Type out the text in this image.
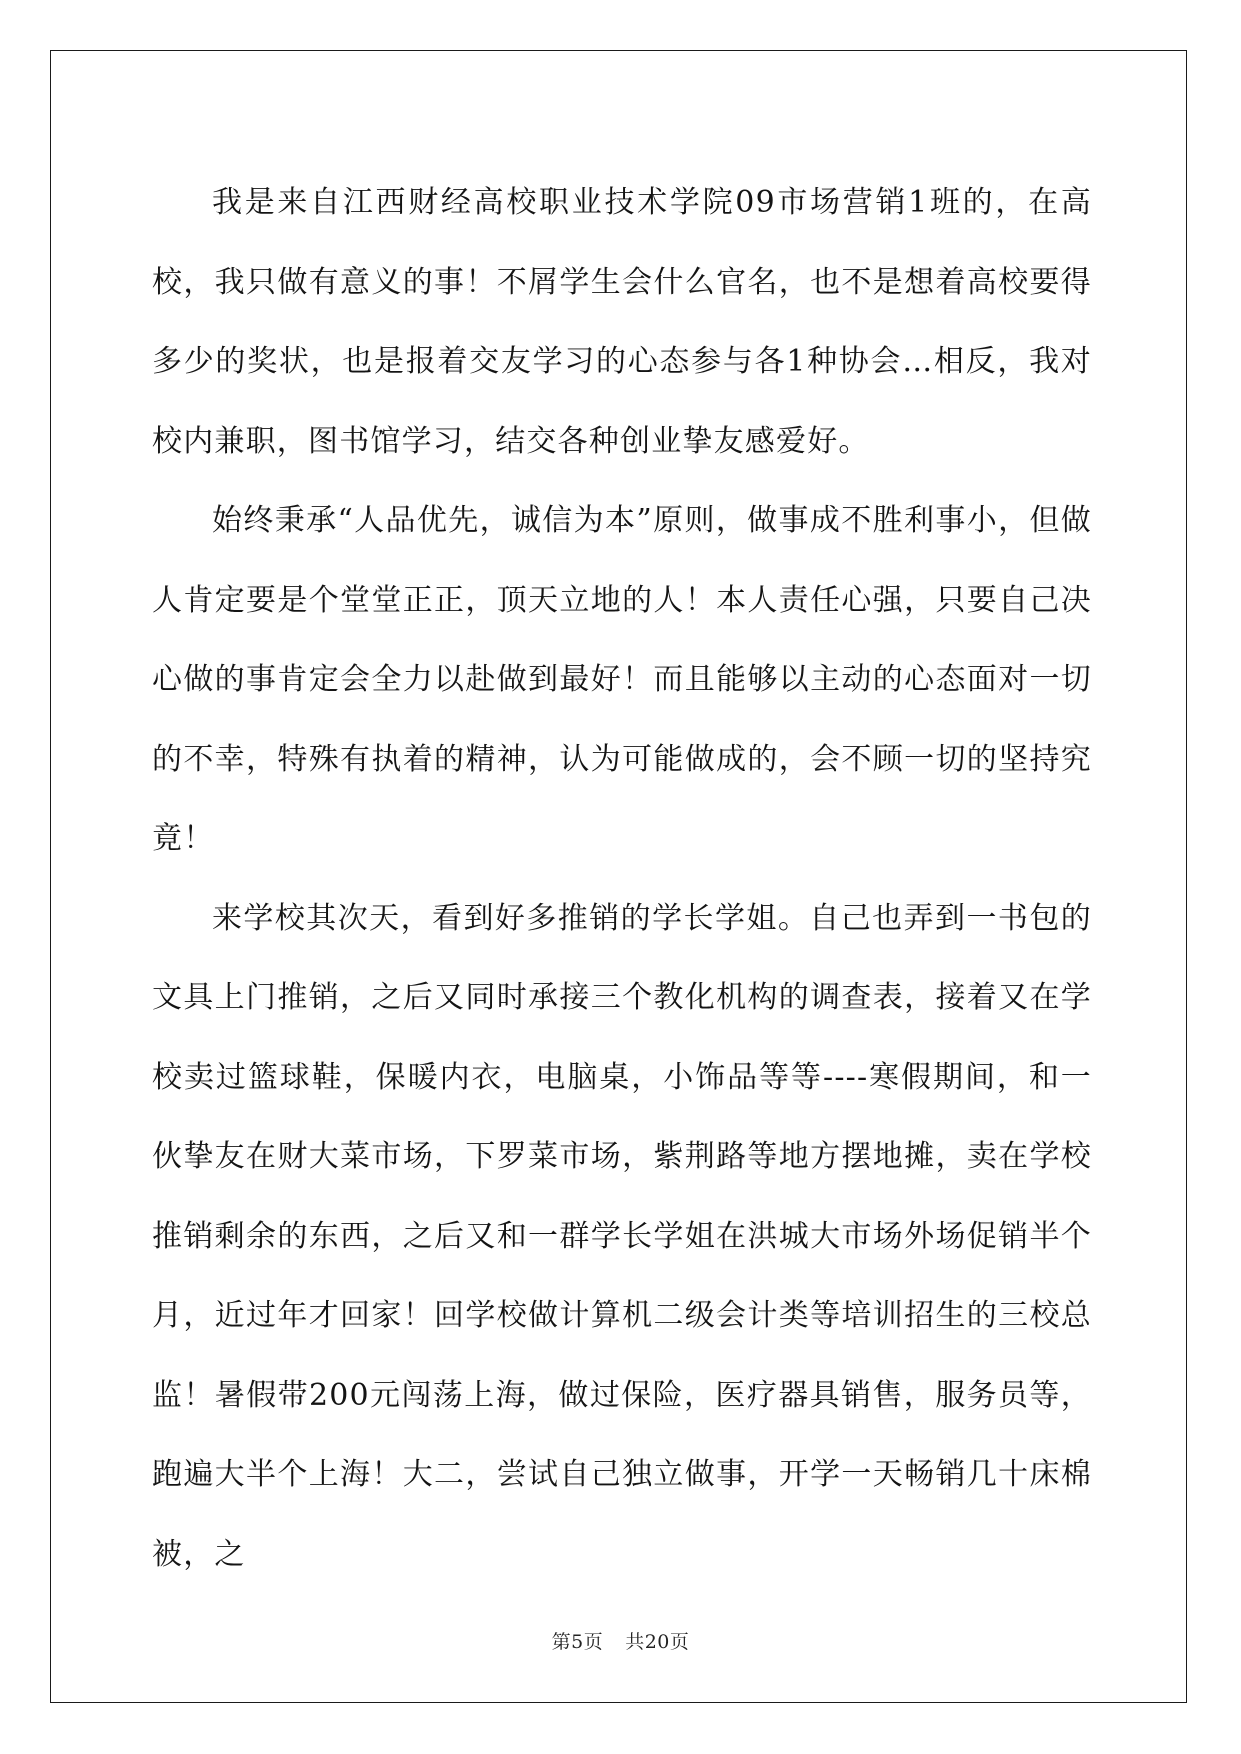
我是来自江西财经高校职业技术学院09市场营销1班的，在高校，我只做有意义的事！不屑学生会什么官名，也不是想着高校要得多少的奖状，也是报着交友学习的心态参与各1种协会…相反，我对校内兼职，图书馆学习，结交各种创业挚友感爱好。

始终秉承“人品优先，诚信为本”原则，做事成不胜利事小，但做人肯定要是个堂堂正正，顶天立地的人！本人责任心强，只要自己决心做的事肯定会全力以赴做到最好！而且能够以主动的心态面对一切的不幸，特殊有执着的精神，认为可能做成的，会不顾一切的坚持究竟！

来学校其次天，看到好多推销的学长学姐。自己也弄到一书包的文具上门推销，之后又同时承接三个教化机构的调查表，接着又在学校卖过篮球鞋，保暖内衣，电脑桌，小饰品等等----寒假期间，和一伙挚友在财大菜市场，下罗菜市场，紫荆路等地方摆地摊，卖在学校推销剩余的东西，之后又和一群学长学姐在洪城大市场外场促销半个月，近过年才回家！回学校做计算机二级会计类等培训招生的三校总监！暑假带200元闯荡上海，做过保险，医疗器具销售，服务员等，跑遍大半个上海！大二，尝试自己独立做事，开学一天畅销几十床棉被，之

第5页 共20页
